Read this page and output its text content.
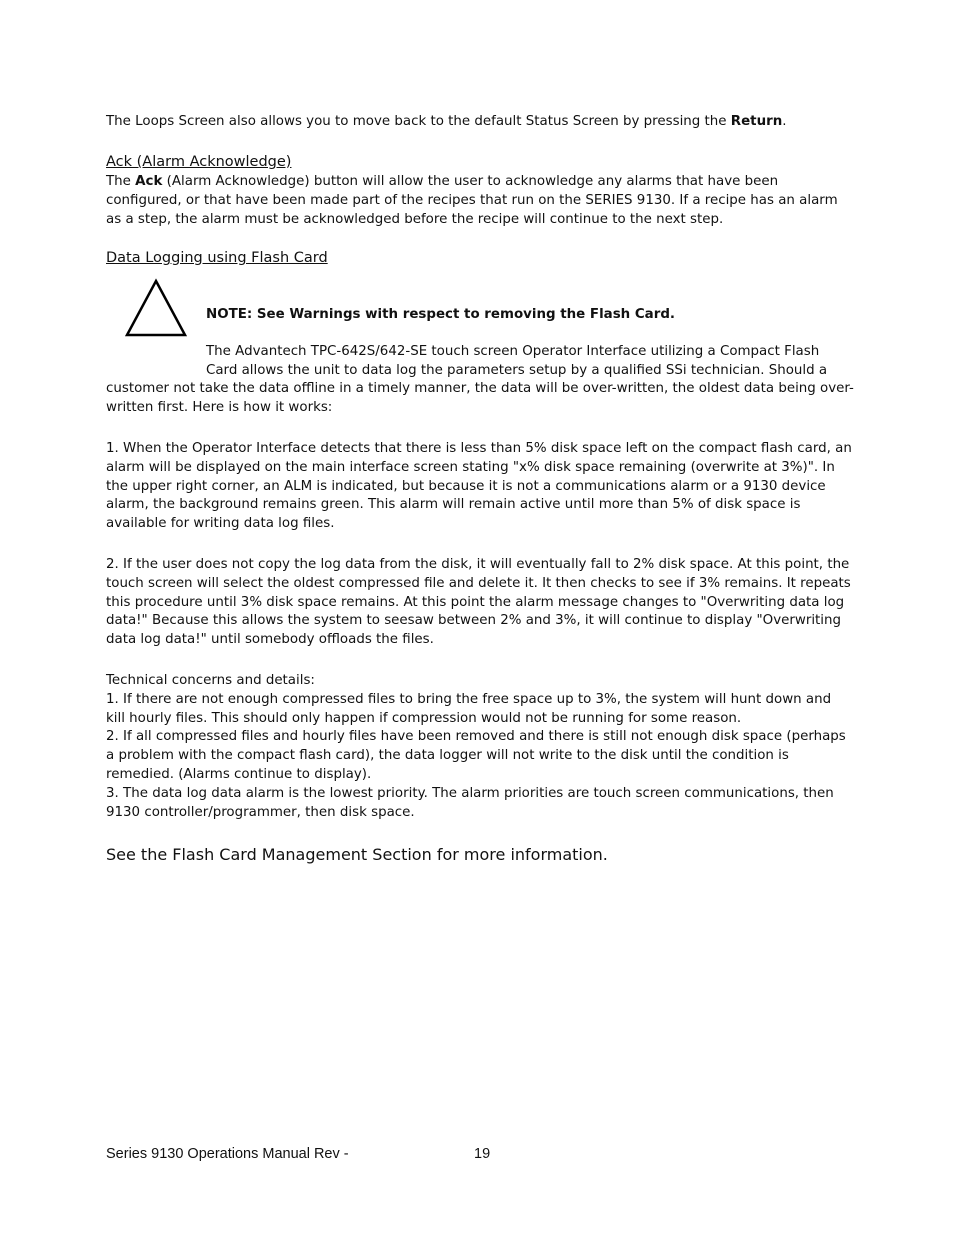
The Loops Screen also allows you to move back to the default Status Screen by pressing the Return.

Ack (Alarm Acknowledge)

The Ack (Alarm Acknowledge) button will allow the user to acknowledge any alarms that have been configured, or that have been made part of the recipes that run on the SERIES 9130. If a recipe has an alarm as a step, the alarm must be acknowledged before the recipe will continue to the next step.

Data Logging using Flash Card

NOTE: See Warnings with respect to removing the Flash Card.

The Advantech TPC-642S/642-SE touch screen Operator Interface utilizing a Compact Flash

Card allows the unit to data log the parameters setup by a qualified SSi technician. Should a

customer not take the data offline in a timely manner, the data will be over-written, the oldest data being over-written first. Here is how it works:

1. When the Operator Interface detects that there is less than 5% disk space left on the compact flash card, an alarm will be displayed on the main interface screen stating "x% disk space remaining (overwrite at 3%)". In the upper right corner, an ALM is indicated, but because it is not a communications alarm or a 9130 device alarm, the background remains green. This alarm will remain active until more than 5% of disk space is available for writing data log files.

2. If the user does not copy the log data from the disk, it will eventually fall to 2% disk space. At this point, the touch screen will select the oldest compressed file and delete it. It then checks to see if 3% remains. It repeats this procedure until 3% disk space remains. At this point the alarm message changes to "Overwriting data log data!" Because this allows the system to seesaw between 2% and 3%, it will continue to display "Overwriting data log data!" until somebody offloads the files.

Technical concerns and details:

1. If there are not enough compressed files to bring the free space up to 3%, the system will hunt down and kill hourly files. This should only happen if compression would not be running for some reason.

2. If all compressed files and hourly files have been removed and there is still not enough disk space (perhaps a problem with the compact flash card), the data logger will not write to the disk until the condition is remedied. (Alarms continue to display).

3. The data log data alarm is the lowest priority. The alarm priorities are touch screen communications, then 9130 controller/programmer, then disk space.

See the Flash Card Management Section for more information.

Series 9130 Operations Manual Rev -	19
